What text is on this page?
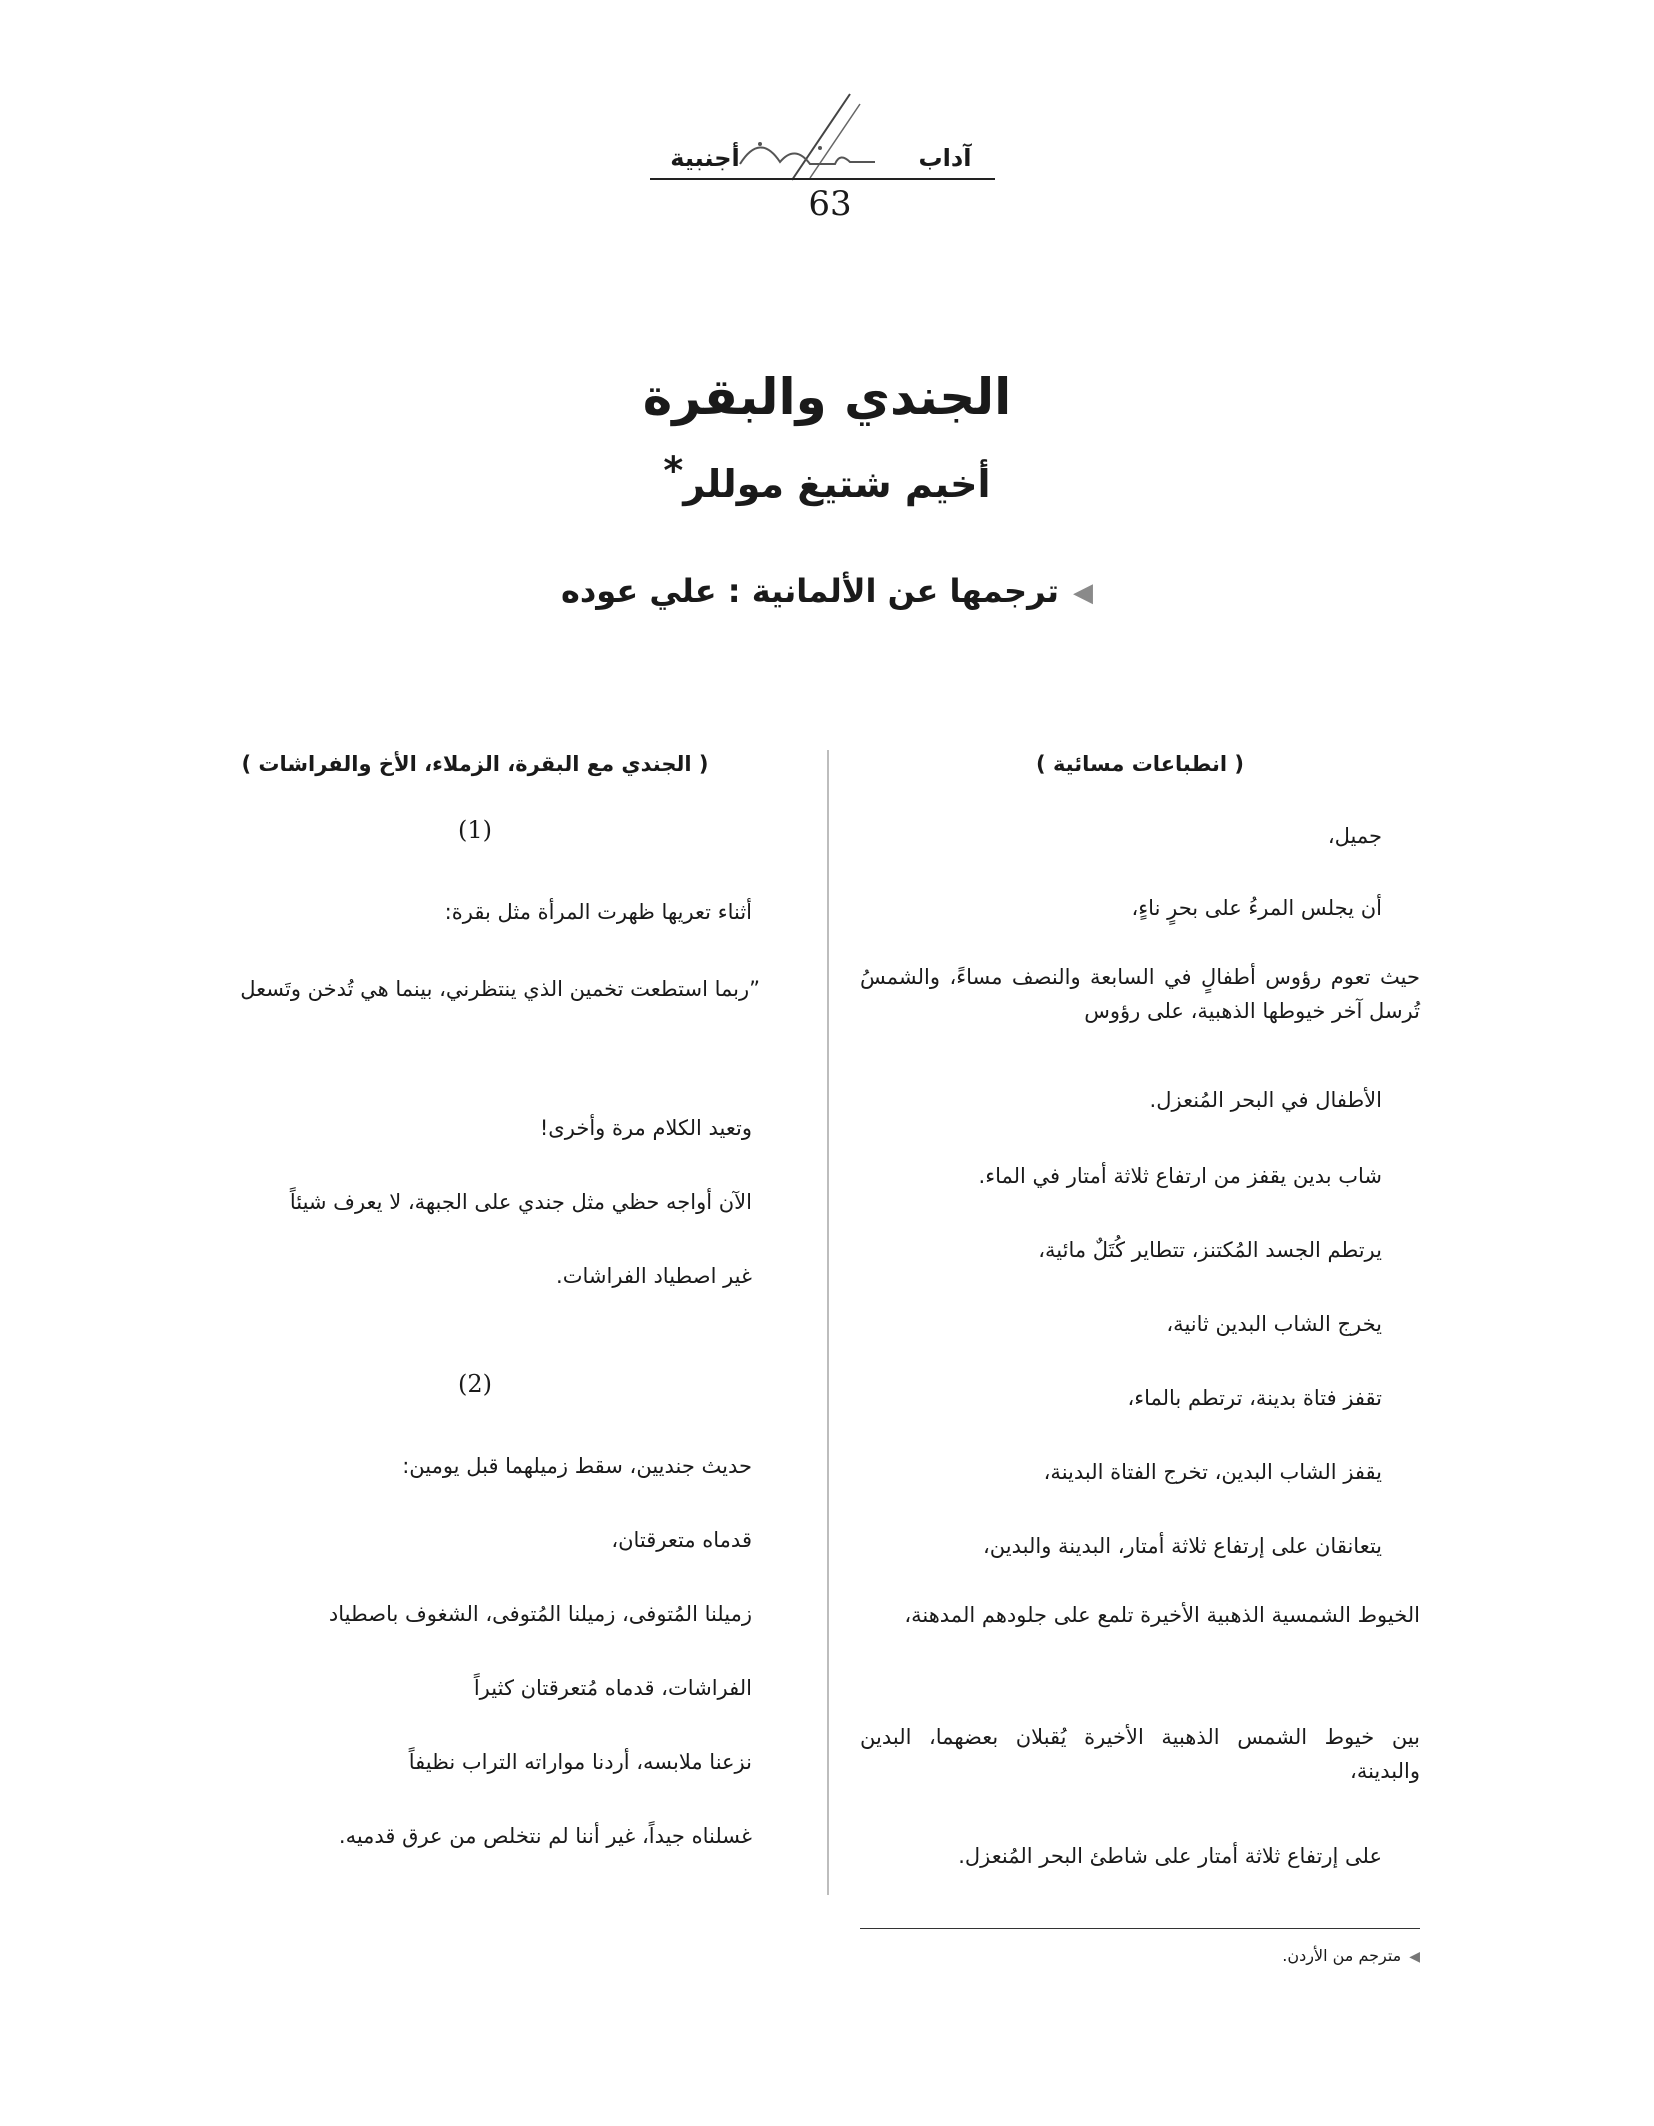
آداب
أجنبية
63
الجندي والبقرة
أخيم شتيغ موللر*
◀ترجمها عن الألمانية : علي عوده
( انطباعات مسائية )
جميل،
أن يجلس المرءُ على بحرٍ ناءٍ،
حيث تعوم رؤوس أطفالٍ في السابعة والنصف مساءً، والشمسُ تُرسل آخر خيوطها الذهبية، على رؤوس
الأطفال في البحر المُنعزل.
شاب بدين يقفز من ارتفاع ثلاثة أمتار في الماء.
يرتطم الجسد المُكتنز، تتطاير كُتَلٌ مائية،
يخرج الشاب البدين ثانية،
تقفز فتاة بدينة، ترتطم بالماء،
يقفز الشاب البدين، تخرج الفتاة البدينة،
يتعانقان على إرتفاع ثلاثة أمتار، البدينة والبدين،
الخيوط الشمسية الذهبية الأخيرة تلمع على جلودهم المدهنة،
بين خيوط الشمس الذهبية الأخيرة يُقبلان بعضهما، البدين والبدينة،
على إرتفاع ثلاثة أمتار على شاطئ البحر المُنعزل.
( الجندي مع البقرة، الزملاء، الأخ والفراشات )
(1)
أثناء تعريها ظهرت المرأة مثل بقرة:
”ربما استطعت تخمين الذي ينتظرني، بينما هي تُدخن وتَسعل
وتعيد الكلام مرة وأخرى!
الآن أواجه حظي مثل جندي على الجبهة، لا يعرف شيئاً
غير اصطياد الفراشات.
(2)
حديث جنديين، سقط زميلهما قبل يومين:
قدماه متعرقتان،
زميلنا المُتوفى، زميلنا المُتوفى، الشغوف باصطياد
الفراشات، قدماه مُتعرقتان كثيراً
نزعنا ملابسه، أردنا مواراته التراب نظيفاً
غسلناه جيداً، غير أننا لم نتخلص من عرق قدميه.
◀مترجم من الأردن.
